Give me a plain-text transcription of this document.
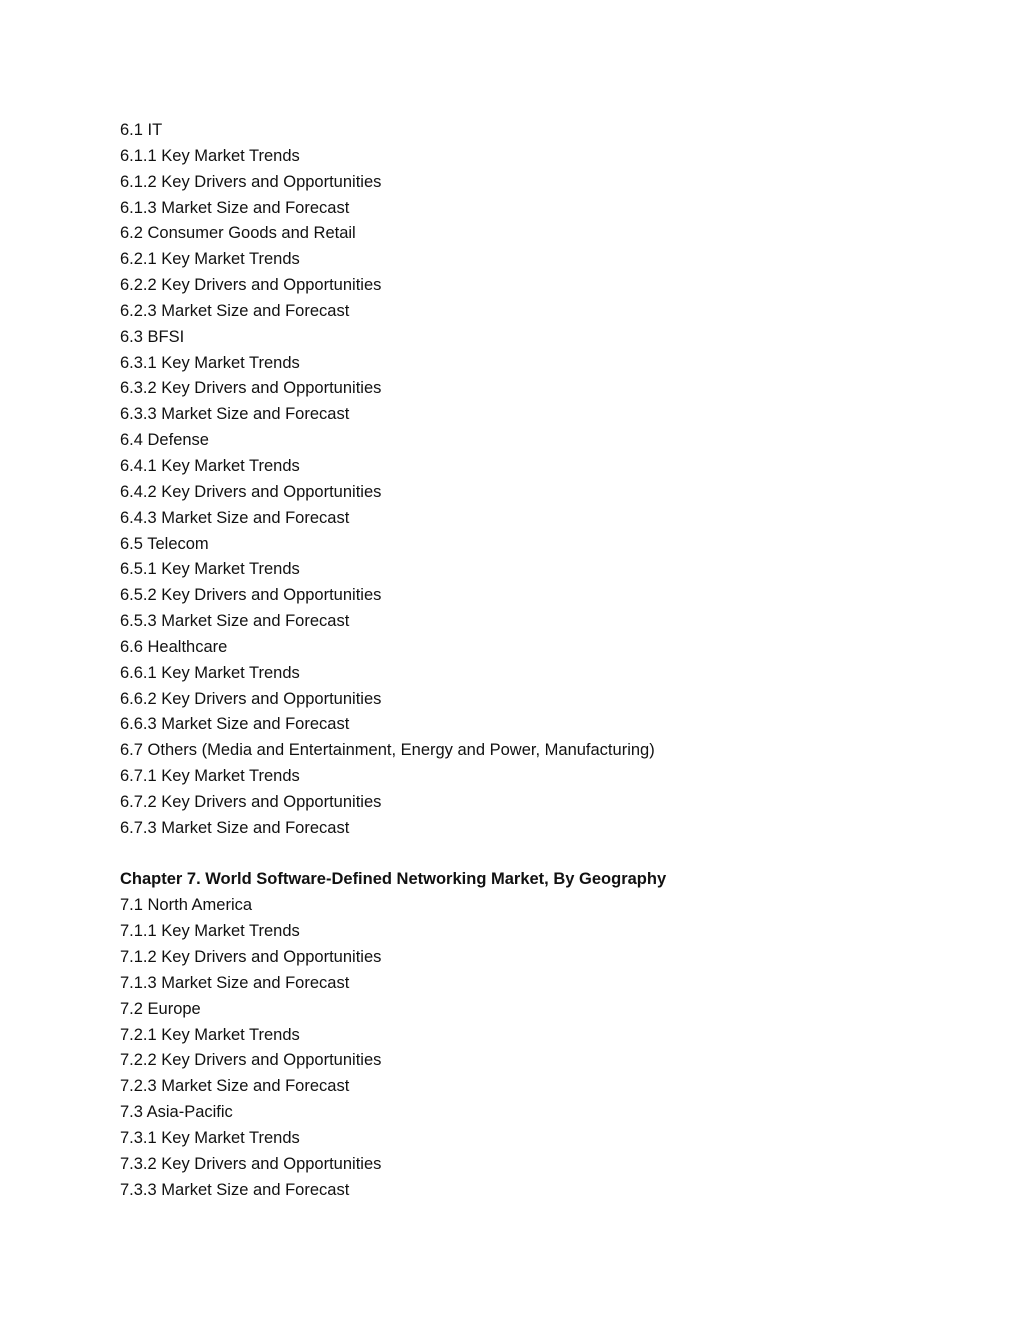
6.1 IT
6.1.1 Key Market Trends
6.1.2 Key Drivers and Opportunities
6.1.3 Market Size and Forecast
6.2 Consumer Goods and Retail
6.2.1 Key Market Trends
6.2.2 Key Drivers and Opportunities
6.2.3 Market Size and Forecast
6.3 BFSI
6.3.1 Key Market Trends
6.3.2 Key Drivers and Opportunities
6.3.3 Market Size and Forecast
6.4 Defense
6.4.1 Key Market Trends
6.4.2 Key Drivers and Opportunities
6.4.3 Market Size and Forecast
6.5 Telecom
6.5.1 Key Market Trends
6.5.2 Key Drivers and Opportunities
6.5.3 Market Size and Forecast
6.6 Healthcare
6.6.1 Key Market Trends
6.6.2 Key Drivers and Opportunities
6.6.3 Market Size and Forecast
6.7 Others (Media and Entertainment, Energy and Power, Manufacturing)
6.7.1 Key Market Trends
6.7.2 Key Drivers and Opportunities
6.7.3 Market Size and Forecast
Chapter 7. World Software-Defined Networking Market, By Geography
7.1 North America
7.1.1 Key Market Trends
7.1.2 Key Drivers and Opportunities
7.1.3 Market Size and Forecast
7.2 Europe
7.2.1 Key Market Trends
7.2.2 Key Drivers and Opportunities
7.2.3 Market Size and Forecast
7.3 Asia-Pacific
7.3.1 Key Market Trends
7.3.2 Key Drivers and Opportunities
7.3.3 Market Size and Forecast
